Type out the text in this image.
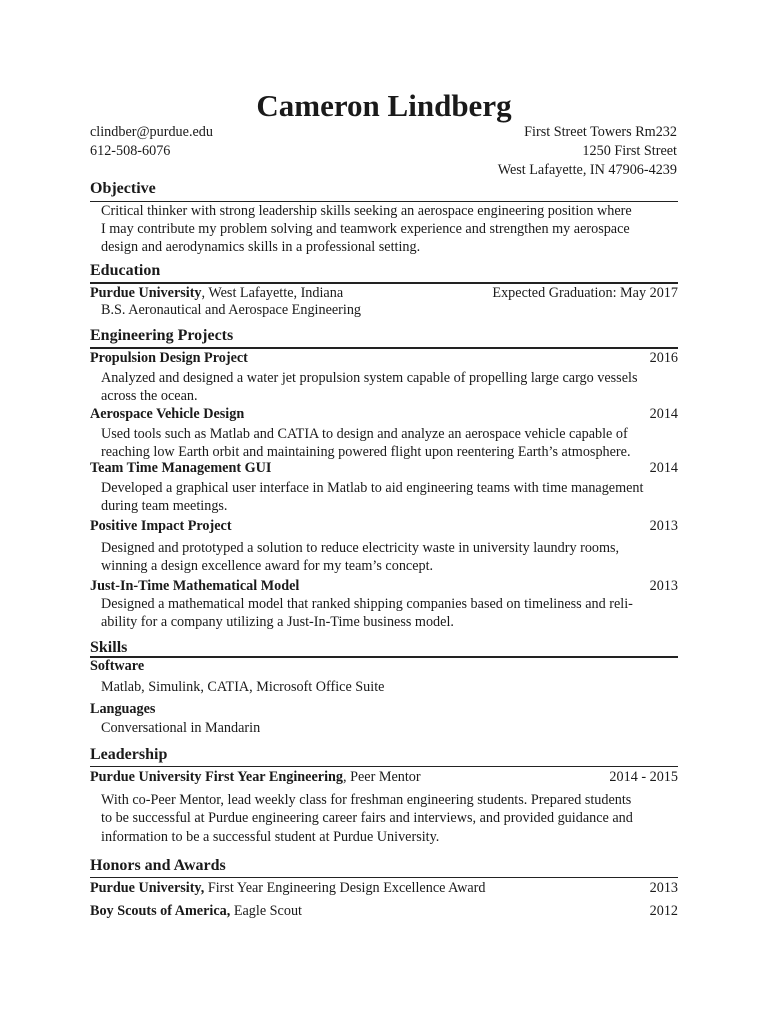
Cameron Lindberg
clindber@purdue.edu
612-508-6076
First Street Towers Rm232
1250 First Street
West Lafayette, IN 47906-4239
Objective
Critical thinker with strong leadership skills seeking an aerospace engineering position where
I may contribute my problem solving and teamwork experience and strengthen my aerospace
design and aerodynamics skills in a professional setting.
Education
Purdue University, West Lafayette, Indiana	Expected Graduation: May 2017
B.S. Aeronautical and Aerospace Engineering
Engineering Projects
Propulsion Design Project	2016
Analyzed and designed a water jet propulsion system capable of propelling large cargo vessels
across the ocean.
Aerospace Vehicle Design	2014
Used tools such as Matlab and CATIA to design and analyze an aerospace vehicle capable of
reaching low Earth orbit and maintaining powered flight upon reentering Earth’s atmosphere.
Team Time Management GUI	2014
Developed a graphical user interface in Matlab to aid engineering teams with time management
during team meetings.
Positive Impact Project	2013
Designed and prototyped a solution to reduce electricity waste in university laundry rooms,
winning a design excellence award for my team’s concept.
Just-In-Time Mathematical Model	2013
Designed a mathematical model that ranked shipping companies based on timeliness and reli-
ability for a company utilizing a Just-In-Time business model.
Skills
Software
Matlab, Simulink, CATIA, Microsoft Office Suite
Languages
Conversational in Mandarin
Leadership
Purdue University First Year Engineering, Peer Mentor	2014 - 2015
With co-Peer Mentor, lead weekly class for freshman engineering students. Prepared students
to be successful at Purdue engineering career fairs and interviews, and provided guidance and
information to be a successful student at Purdue University.
Honors and Awards
Purdue University, First Year Engineering Design Excellence Award	2013
Boy Scouts of America, Eagle Scout	2012
